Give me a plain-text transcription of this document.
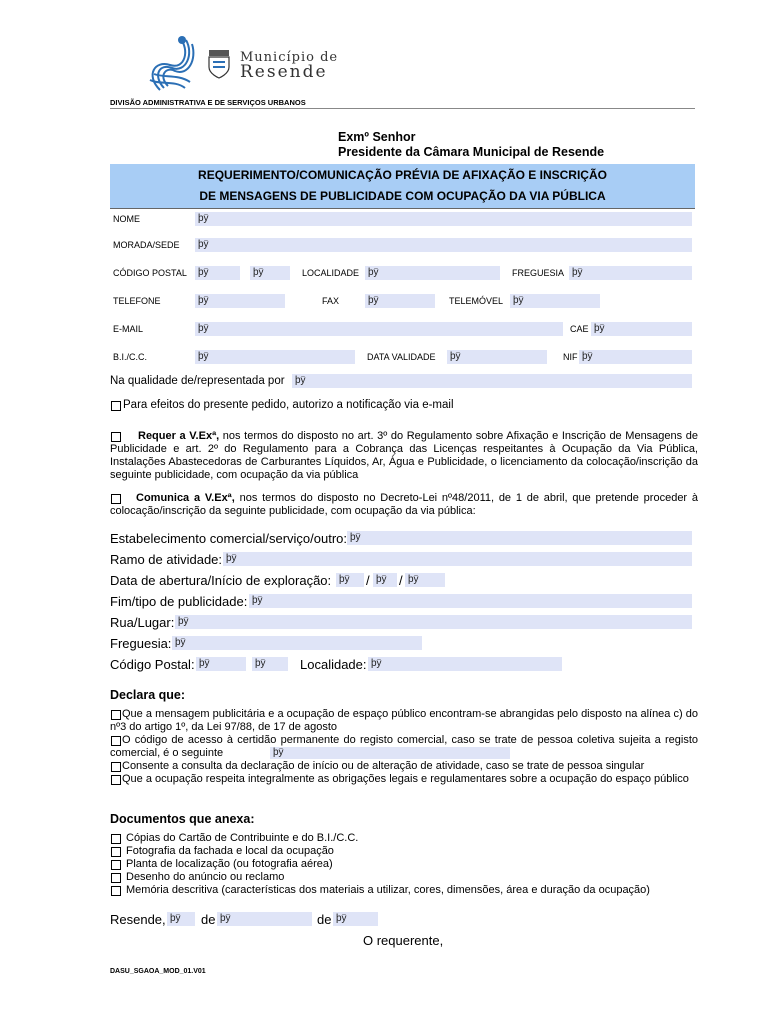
Município de
Resende
DIVISÃO ADMINISTRATIVA E DE SERVIÇOS URBANOS
Exmº Senhor
Presidente da Câmara Municipal de Resende
REQUERIMENTO/COMUNICAÇÃO PRÉVIA DE AFIXAÇÃO E INSCRIÇÃO
DE MENSAGENS DE PUBLICIDADE COM OCUPAÇÃO DA VIA PÚBLICA
NOME	þÿ
MORADA/SEDE	þÿ
CÓDIGO POSTAL	þÿ	þÿ	LOCALIDADE þÿ	FREGUESIA þÿ
TELEFONE	þÿ	FAX	þÿ	TELEMÓVEL þÿ
E-MAIL	þÿ	CAE þÿ
B.I./C.C.	þÿ	DATA VALIDADE	þÿ	NIF þÿ
Na qualidade de/representada por	þÿ
Para efeitos do presente pedido, autorizo a notificação via e-mail
Requer a V.Exª, nos termos do disposto no art. 3º do Regulamento sobre Afixação e Inscrição de Mensagens de Publicidade e art. 2º do Regulamento para a Cobrança das Licenças respeitantes à Ocupação da Via Pública, Instalações Abastecedoras de Carburantes Líquidos, Ar, Água e Publicidade, o licenciamento da colocação/inscrição da seguinte publicidade, com ocupação da via pública
Comunica a V.Exª, nos termos do disposto no Decreto-Lei nº48/2011, de 1 de abril, que pretende proceder à colocação/inscrição da seguinte publicidade, com ocupação da via pública:
Estabelecimento comercial/serviço/outro: þÿ
Ramo de atividade: þÿ
Data de abertura/Início de exploração: þÿ	/ þÿ / þÿ
Fim/tipo de publicidade: þÿ
Rua/Lugar: þÿ
Freguesia: þÿ
Código Postal: þÿ	þÿ	Localidade: þÿ
Declara que:
Que a mensagem publicitária e a ocupação de espaço público encontram-se abrangidas pelo disposto na alínea c) do nº3 do artigo 1º, da Lei 97/88, de 17 de agosto
O código de acesso à certidão permanente do registo comercial, caso se trate de pessoa coletiva sujeita a registo comercial, é o seguinte	þÿ
Consente a consulta da declaração de início ou de alteração de atividade, caso se trate de pessoa singular
Que a ocupação respeita integralmente as obrigações legais e regulamentares sobre a ocupação do espaço público
Documentos que anexa:
Cópias do Cartão de Contribuinte e do B.I./C.C.
Fotografia da fachada e local da ocupação
Planta de localização (ou fotografia aérea)
Desenho do anúncio ou reclamo
Memória descritiva (características dos materiais a utilizar, cores, dimensões, área e duração da ocupação)
Resende, þÿ	de þÿ	de þÿ
O requerente,
DASU_SGAOA_MOD_01.V01
